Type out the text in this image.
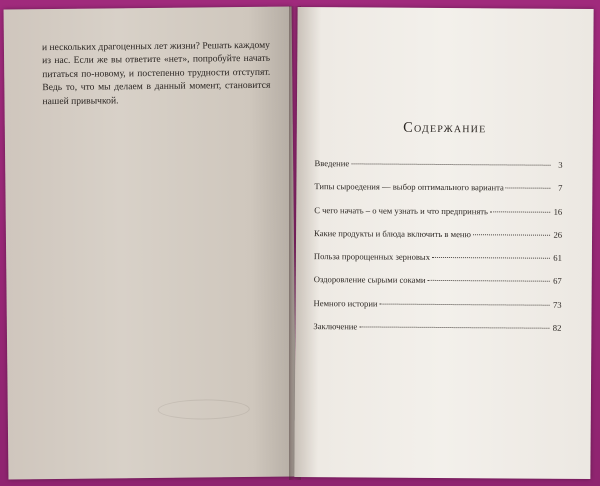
и нескольких драгоценных лет жизни? Решать каждому из нас. Если же вы ответите «нет», попробуйте начать питаться по-новому, и постепенно трудности отступят. Ведь то, что мы делаем в данный момент, становится нашей привычкой.
Содержание
Введение	3
Типы сыроедения — выбор оптимального варианта	7
С чего начать – о чем узнать и что предпринять	16
Какие продукты и блюда включить в меню	26
Польза пророщенных зерновых	61
Оздоровление сырыми соками	67
Немного истории	73
Заключение	82
